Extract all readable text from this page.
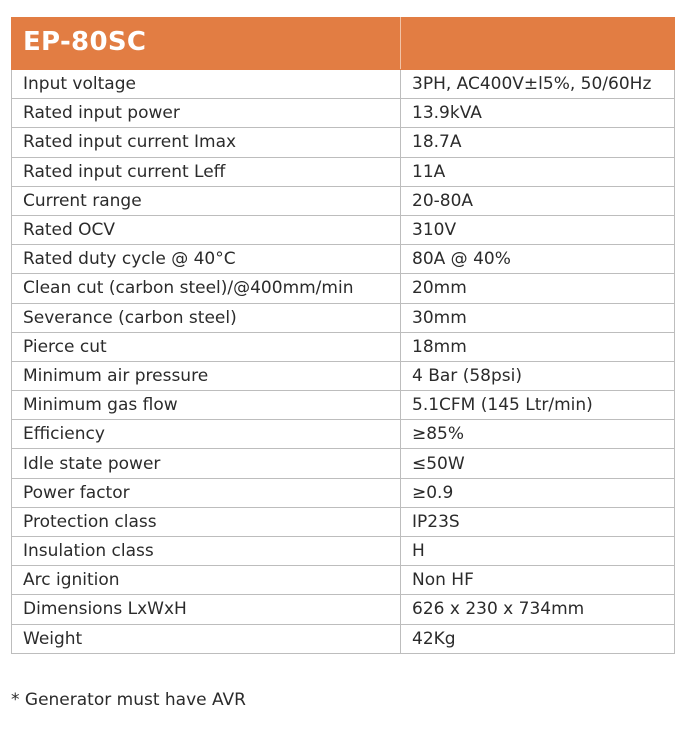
EP-80SC	
Input voltage	3PH, AC400V±l5%, 50/60Hz
Rated input power	13.9kVA
Rated input current Imax	18.7A
Rated input current Leff	11A
Current range	20-80A
Rated OCV	310V
Rated duty cycle @ 40°C	80A @ 40%
Clean cut (carbon steel)/@400mm/min	20mm
Severance (carbon steel)	30mm
Pierce cut	18mm
Minimum air pressure	4 Bar (58psi)
Minimum gas flow	5.1CFM (145 Ltr/min)
Efficiency	≥85%
Idle state power	≤50W
Power factor	≥0.9
Protection class	IP23S
Insulation class	H
Arc ignition	Non HF
Dimensions LxWxH	626 x 230 x 734mm
Weight	42Kg
* Generator must have AVR
